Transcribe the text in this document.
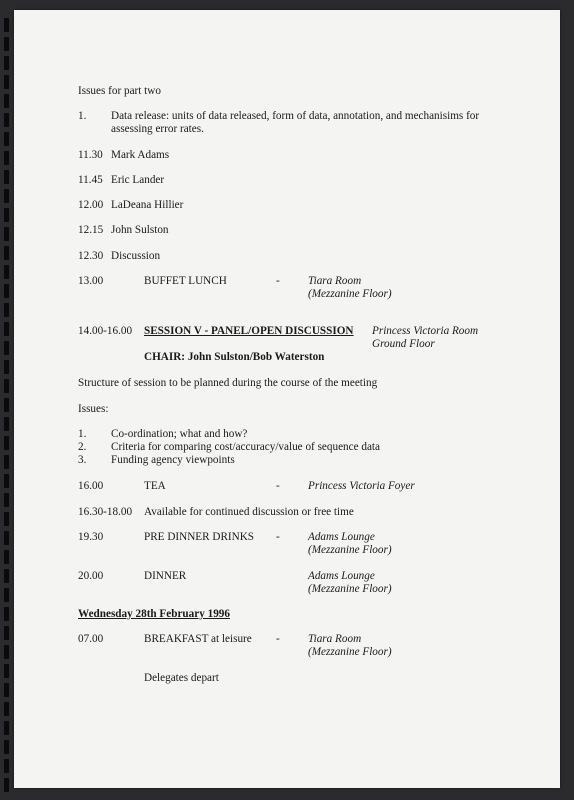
Issues for part two
1. Data release: units of data released, form of data, annotation, and mechanisims for
assessing error rates.
11.30 Mark Adams
11.45 Eric Lander
12.00 LaDeana Hillier
12.15 John Sulston
12.30 Discussion
13.00	BUFFET LUNCH	-	Tiara Room
(Mezzanine Floor)
14.00-16.00 SESSION V - PANEL/OPEN DISCUSSION Princess Victoria Room
Ground Floor
CHAIR: John Sulston/Bob Waterston
Structure of session to be planned during the course of the meeting
Issues:
1. Co-ordination; what and how?
2. Criteria for comparing cost/accuracy/value of sequence data
3. Funding agency viewpoints
16.00	TEA	-	Princess Victoria Foyer
16.30-18.00 Available for continued discussion or free time
19.30	PRE DINNER DRINKS -	Adams Lounge
(Mezzanine Floor)
20.00	DINNER	Adams Lounge
(Mezzanine Floor)
Wednesday 28th February 1996
07.00	BREAKFAST at leisure -	Tiara Room
(Mezzanine Floor)
Delegates depart
